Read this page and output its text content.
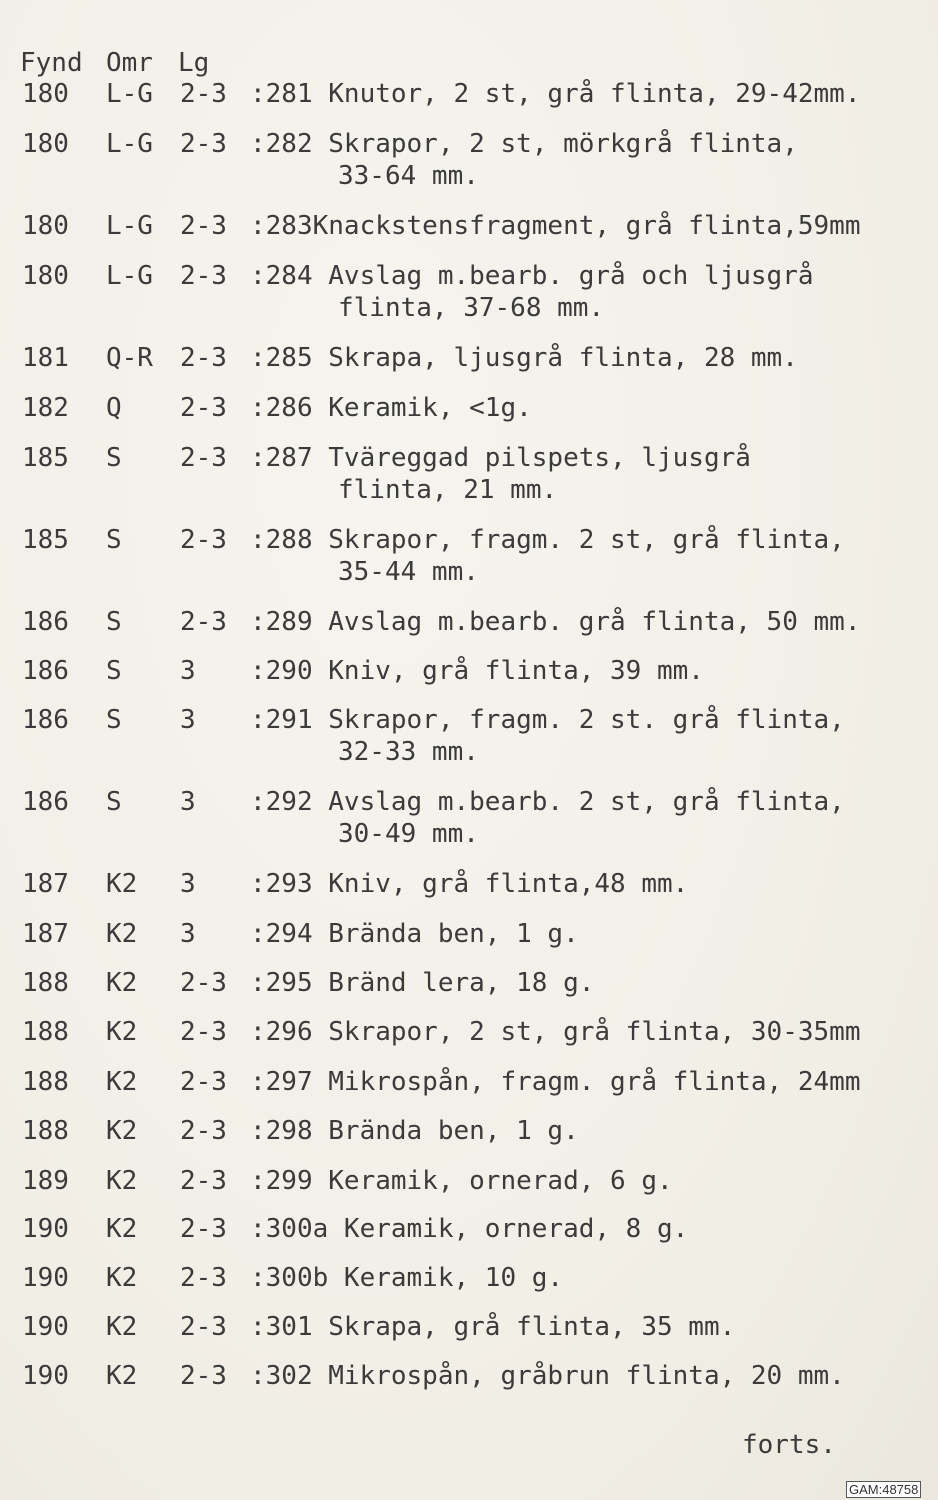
Fynd

Omr

Lg

180 L-G 2-3 :281 Knutor, 2 st, grå flinta, 29-42mm.
180 L-G 2-3 :282 Skrapor, 2 st, mörkgrå flinta,
33-64 mm.
180 L-G 2-3 :283Knackstensfragment, grå flinta,59mm
180 L-G 2-3 :284 Avslag m.bearb. grå och ljusgrå
flinta, 37-68 mm.
181 Q-R 2-3 :285 Skrapa, ljusgrå flinta, 28 mm.
182 Q 2-3 :286 Keramik, <1g.
185 S 2-3 :287 Tväreggad pilspets, ljusgrå
flinta, 21 mm.
185 S 2-3 :288 Skrapor, fragm. 2 st, grå flinta,
35-44 mm.
186 S 2-3 :289 Avslag m.bearb. grå flinta, 50 mm.
186 S 3 :290 Kniv, grå flinta, 39 mm.
186 S 3 :291 Skrapor, fragm. 2 st. grå flinta,
32-33 mm.
186 S 3 :292 Avslag m.bearb. 2 st, grå flinta,
30-49 mm.
187 K2 3 :293 Kniv, grå flinta,48 mm.
187 K2 3 :294 Brända ben, 1 g.
188 K2 2-3 :295 Bränd lera, 18 g.
188 K2 2-3 :296 Skrapor, 2 st, grå flinta, 30-35mm
188 K2 2-3 :297 Mikrospån, fragm. grå flinta, 24mm
188 K2 2-3 :298 Brända ben, 1 g.
189 K2 2-3 :299 Keramik, ornerad, 6 g.
190 K2 2-3 :300a Keramik, ornerad, 8 g.
190 K2 2-3 :300b Keramik, 10 g.
190 K2 2-3 :301 Skrapa, grå flinta, 35 mm.
190 K2 2-3 :302 Mikrospån, gråbrun flinta, 20 mm.
forts.
GAM:48758
